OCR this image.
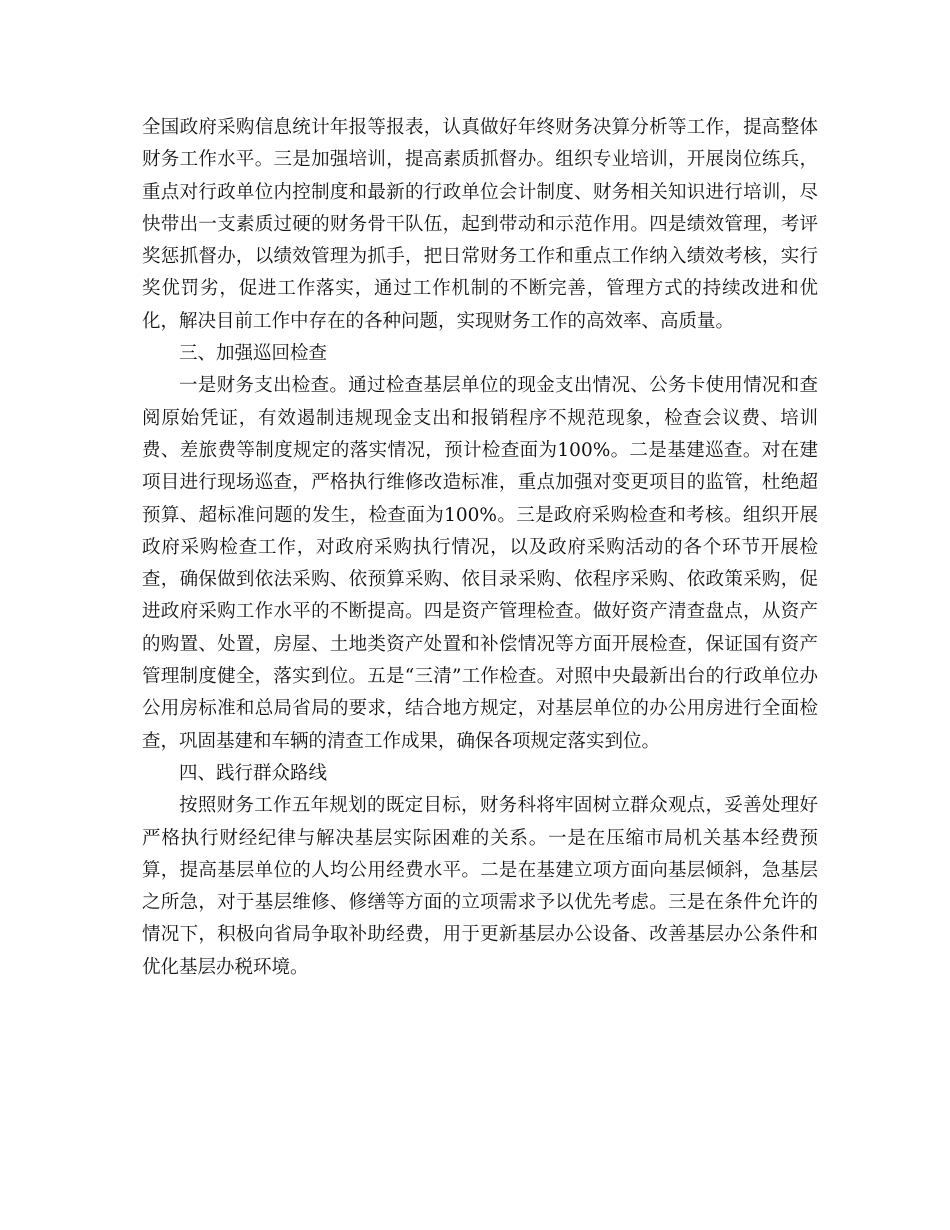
全国政府采购信息统计年报等报表，认真做好年终财务决算分析等工作，提高整体财务工作水平。三是加强培训，提高素质抓督办。组织专业培训，开展岗位练兵，重点对行政单位内控制度和最新的行政单位会计制度、财务相关知识进行培训，尽快带出一支素质过硬的财务骨干队伍，起到带动和示范作用。四是绩效管理，考评奖惩抓督办，以绩效管理为抓手，把日常财务工作和重点工作纳入绩效考核，实行奖优罚劣，促进工作落实，通过工作机制的不断完善，管理方式的持续改进和优化，解决目前工作中存在的各种问题，实现财务工作的高效率、高质量。

三、加强巡回检查

一是财务支出检查。通过检查基层单位的现金支出情况、公务卡使用情况和查阅原始凭证，有效遏制违规现金支出和报销程序不规范现象，检查会议费、培训费、差旅费等制度规定的落实情况，预计检查面为100%。二是基建巡查。对在建项目进行现场巡查，严格执行维修改造标准，重点加强对变更项目的监管，杜绝超预算、超标准问题的发生，检查面为100%。三是政府采购检查和考核。组织开展政府采购检查工作，对政府采购执行情况，以及政府采购活动的各个环节开展检查，确保做到依法采购、依预算采购、依目录采购、依程序采购、依政策采购，促进政府采购工作水平的不断提高。四是资产管理检查。做好资产清查盘点，从资产的购置、处置，房屋、土地类资产处置和补偿情况等方面开展检查，保证国有资产管理制度健全，落实到位。五是“三清”工作检查。对照中央最新出台的行政单位办公用房标准和总局省局的要求，结合地方规定，对基层单位的办公用房进行全面检查，巩固基建和车辆的清查工作成果，确保各项规定落实到位。

四、践行群众路线

按照财务工作五年规划的既定目标，财务科将牢固树立群众观点，妥善处理好严格执行财经纪律与解决基层实际困难的关系。一是在压缩市局机关基本经费预算，提高基层单位的人均公用经费水平。二是在基建立项方面向基层倾斜，急基层之所急，对于基层维修、修缮等方面的立项需求予以优先考虑。三是在条件允许的情况下，积极向省局争取补助经费，用于更新基层办公设备、改善基层办公条件和优化基层办税环境。
